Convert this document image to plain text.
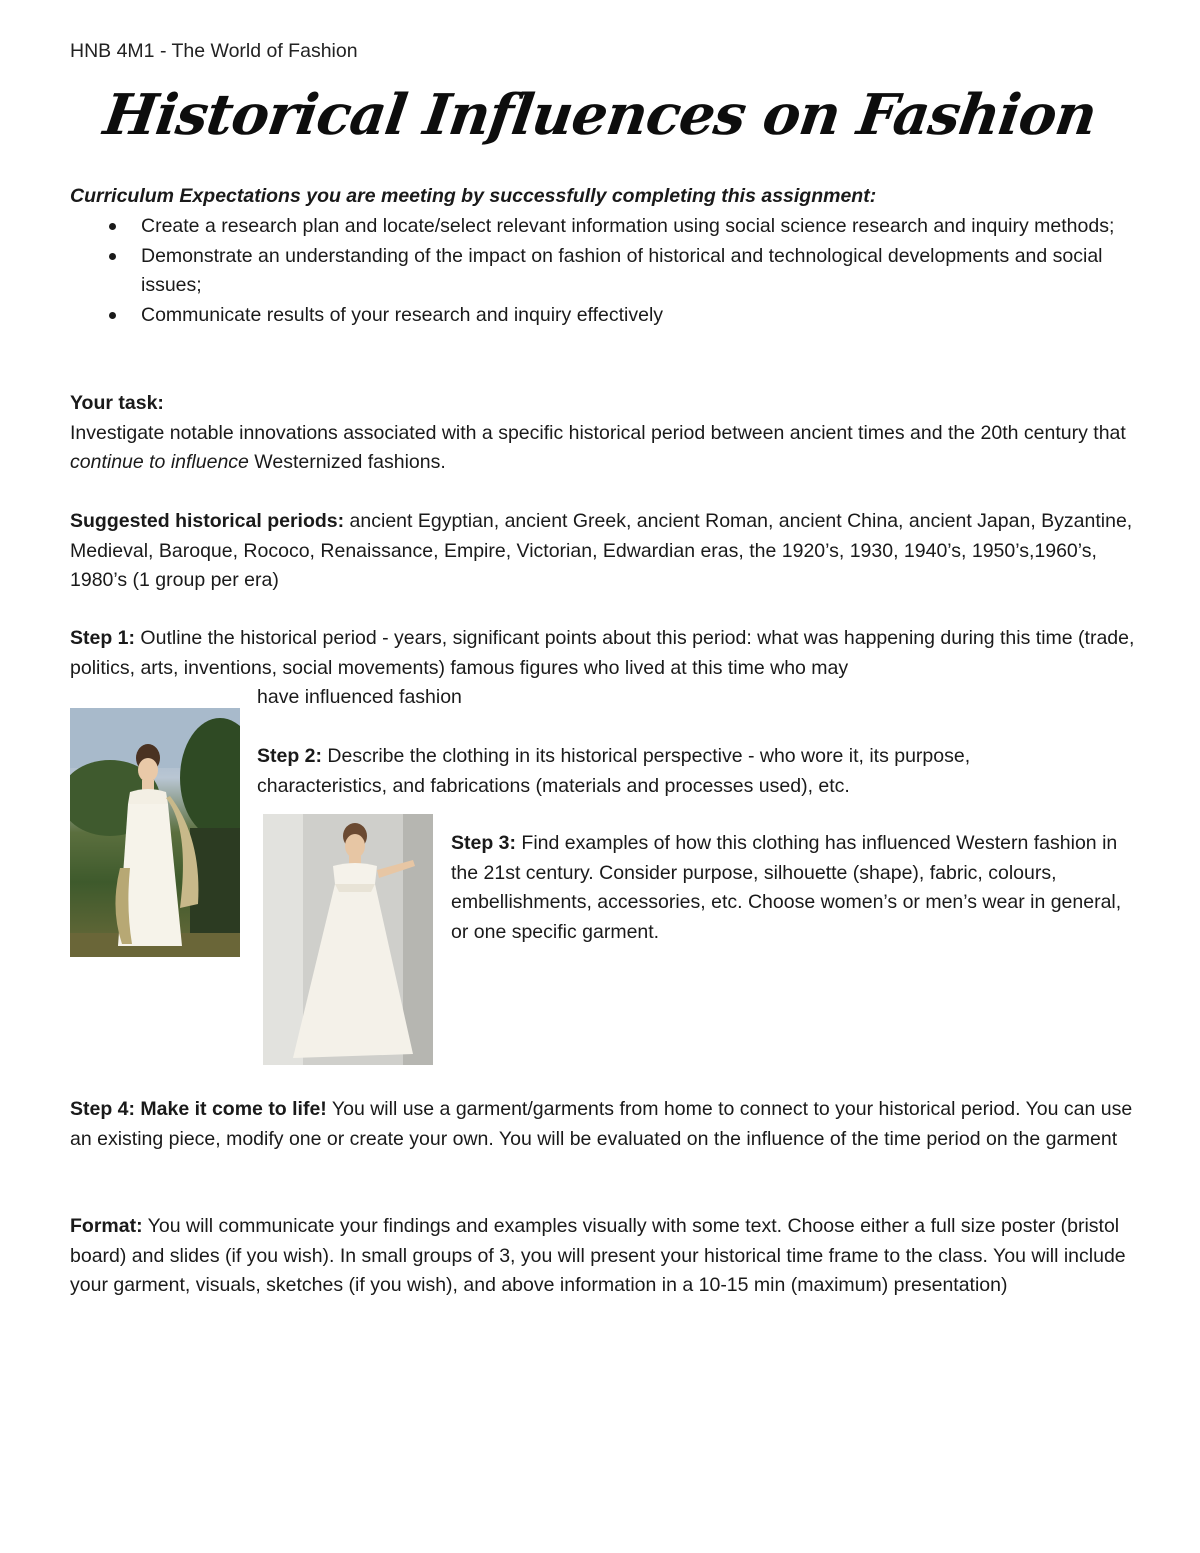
HNB 4M1 - The World of Fashion
Historical Influences on Fashion
Curriculum Expectations you are meeting by successfully completing this assignment:
Create a research plan and locate/select relevant information using social science research and inquiry methods;
Demonstrate an understanding of the impact on fashion of historical and technological developments and social issues;
Communicate results of your research and inquiry effectively
Your task:
Investigate notable innovations associated with a specific historical period between ancient times and the 20th century that continue to influence Westernized fashions.
Suggested historical periods: ancient Egyptian, ancient Greek, ancient Roman, ancient China, ancient Japan, Byzantine, Medieval, Baroque, Rococo, Renaissance, Empire, Victorian, Edwardian eras, the 1920’s, 1930, 1940’s, 1950’s,1960’s, 1980’s (1 group per era)
Step 1: Outline the historical period - years, significant points about this period: what was happening during this time (trade, politics, arts, inventions, social movements) famous figures who lived at this time who may
have influenced fashion
Step 2: Describe the clothing in its historical perspective - who wore it, its purpose, characteristics, and fabrications (materials and processes used), etc.
Step 3: Find examples of how this clothing has influenced Western fashion in the 21st century. Consider purpose, silhouette (shape), fabric, colours, embellishments, accessories, etc. Choose women’s or men’s wear in general, or one specific garment.
Step 4: Make it come to life! You will use a garment/garments from home to connect to your historical period. You can use an existing piece, modify one or create your own. You will be evaluated on the influence of the time period on the garment
Format: You will communicate your findings and examples visually with some text. Choose either a full size poster (bristol board) and slides (if you wish). In small groups of 3, you will present your historical time frame to the class. You will include your garment, visuals, sketches (if you wish), and above information in a 10-15 min (maximum) presentation)
